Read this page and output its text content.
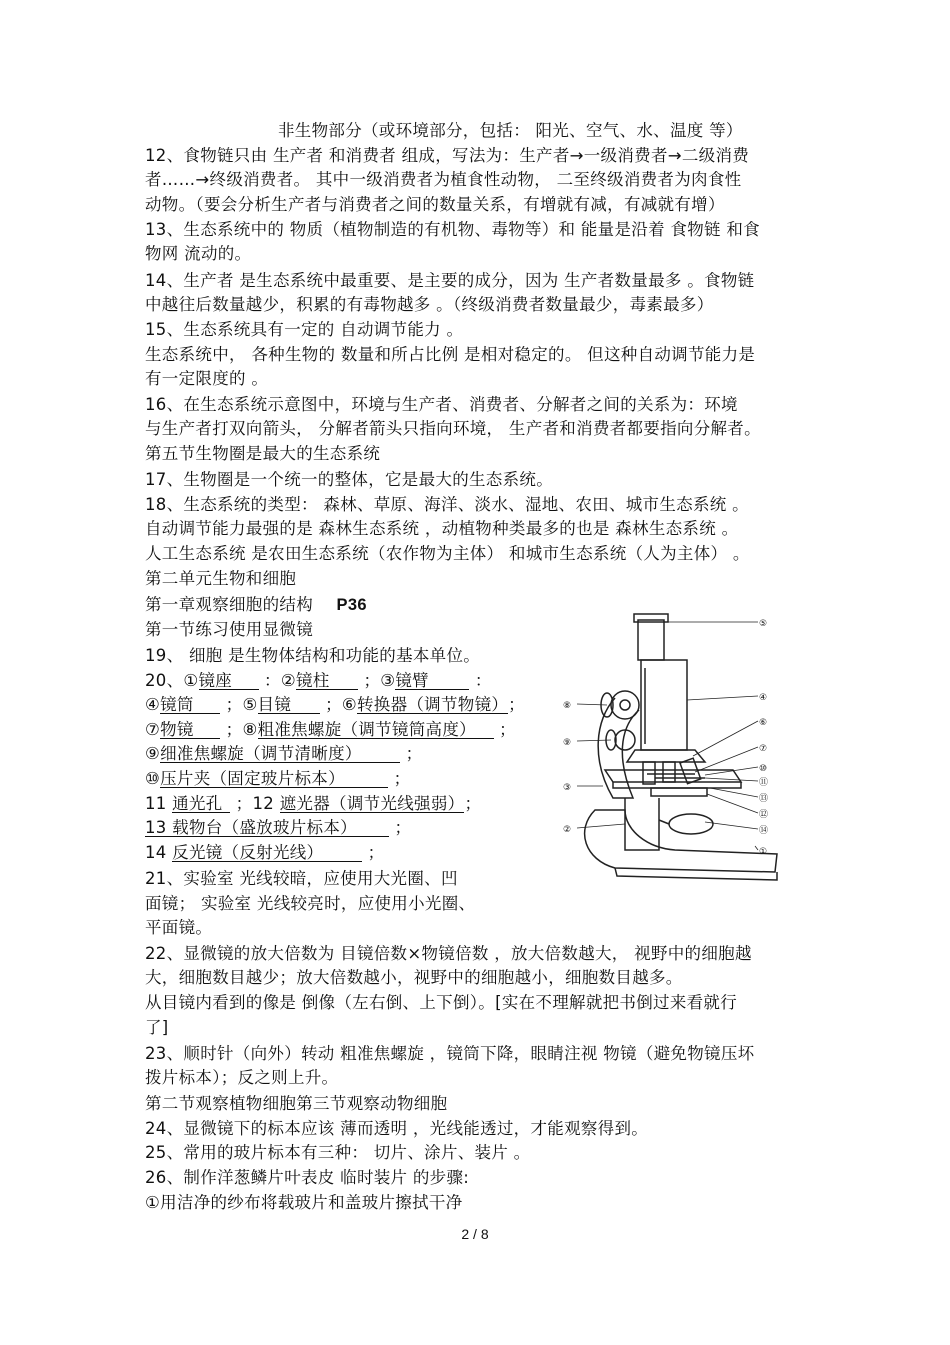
非生物部分（或环境部分，包括： 阳光、空气、水、温度 等）
12、食物链只由 生产者 和消费者 组成，写法为：生产者→一级消费者→二级消费
者……→终级消费者。 其中一级消费者为植食性动物， 二至终级消费者为肉食性
动物。（要会分析生产者与消费者之间的数量关系，有增就有减，有减就有增）
13、生态系统中的 物质（植物制造的有机物、毒物等）和 能量是沿着 食物链 和食
物网 流动的。
14、生产者 是生态系统中最重要、是主要的成分，因为 生产者数量最多 。食物链
中越往后数量越少，积累的有毒物越多 。（终级消费者数量最少，毒素最多）
15、生态系统具有一定的 自动调节能力 。
生态系统中， 各种生物的 数量和所占比例 是相对稳定的。 但这种自动调节能力是
有一定限度的 。
16、在生态系统示意图中，环境与生产者、消费者、分解者之间的关系为：环境
与生产者打双向箭头， 分解者箭头只指向环境， 生产者和消费者都要指向分解者。
第五节生物圈是最大的生态系统
17、生物圈是一个统一的整体，它是最大的生态系统。
18、生态系统的类型： 森林、草原、海洋、淡水、湿地、农田、城市生态系统 。
自动调节能力最强的是 森林生态系统 ，动植物种类最多的也是 森林生态系统 。
人工生态系统 是农田生态系统（农作物为主体） 和城市生态系统（人为主体） 。
第二单元生物和细胞
第一章观察细胞的结构 P36
第一节练习使用显微镜
19、 细胞 是生物体结构和功能的基本单位。
20、①镜座 ：②镜柱 ；③镜臂 ：
④镜筒 ；⑤目镜 ；⑥转换器（调节物镜）；
⑦物镜 ；⑧粗准焦螺旋（调节镜筒高度） ；
⑨细准焦螺旋（调节清晰度） ；
⑩压片夹（固定玻片标本）	；
11 通光孔 ；12 遮光器（调节光线强弱）；
13 载物台（盛放玻片标本） ；
14 反光镜（反射光线） ；
21、实验室 光线较暗，应使用大光圈、凹
面镜； 实验室 光线较亮时，应使用小光圈、
平面镜。
22、显微镜的放大倍数为 目镜倍数×物镜倍数 ，放大倍数越大， 视野中的细胞越
大，细胞数目越少；放大倍数越小，视野中的细胞越小，细胞数目越多。
从目镜内看到的像是 倒像（左右倒、上下倒）。[实在不理解就把书倒过来看就行
了]
23、顺时针（向外）转动 粗准焦螺旋 ，镜筒下降，眼睛注视 物镜（避免物镜压坏
拨片标本）；反之则上升。
第二节观察植物细胞第三节观察动物细胞
24、显微镜下的标本应该 薄而透明 ，光线能透过，才能观察得到。
25、常用的玻片标本有三种： 切片、涂片、装片 。
26、制作洋葱鳞片叶表皮 临时装片 的步骤:
①用洁净的纱布将载玻片和盖玻片擦拭干净
⑤
④
⑥
⑦
⑩
⑪
⑬
⑫
⑭
①
⑧
⑨
③
②
2 / 8
